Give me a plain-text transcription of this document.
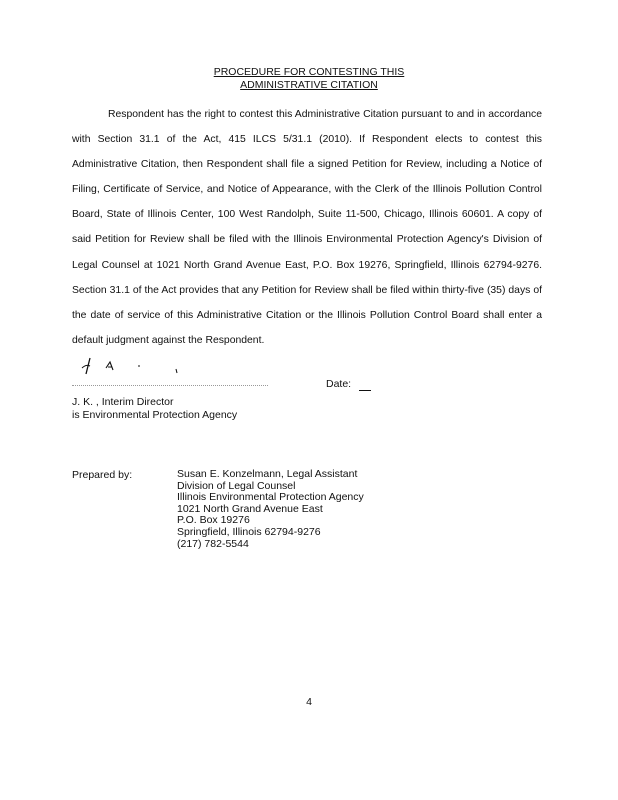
PROCEDURE FOR CONTESTING THIS
ADMINISTRATIVE CITATION

Respondent has the right to contest this Administrative Citation pursuant to and in accordance with Section 31.1 of the Act, 415 ILCS 5/31.1 (2010). If Respondent elects to contest this Administrative Citation, then Respondent shall file a signed Petition for Review, including a Notice of Filing, Certificate of Service, and Notice of Appearance, with the Clerk of the Illinois Pollution Control Board, State of Illinois Center, 100 West Randolph, Suite 11-500, Chicago, Illinois 60601. A copy of said Petition for Review shall be filed with the Illinois Environmental Protection Agency's Division of Legal Counsel at 1021 North Grand Avenue East, P.O. Box 19276, Springfield, Illinois 62794-9276. Section 31.1 of the Act provides that any Petition for Review shall be filed within thirty-five (35) days of the date of service of this Administrative Citation or the Illinois Pollution Control Board shall enter a default judgment against the Respondent.

Date:
J. K. , Interim Director
is Environmental Protection Agency
Prepared by:	Susan E. Konzelmann, Legal Assistant
Division of Legal Counsel
Illinois Environmental Protection Agency
1021 North Grand Avenue East
P.O. Box 19276
Springfield, Illinois 62794-9276
(217) 782-5544
4
